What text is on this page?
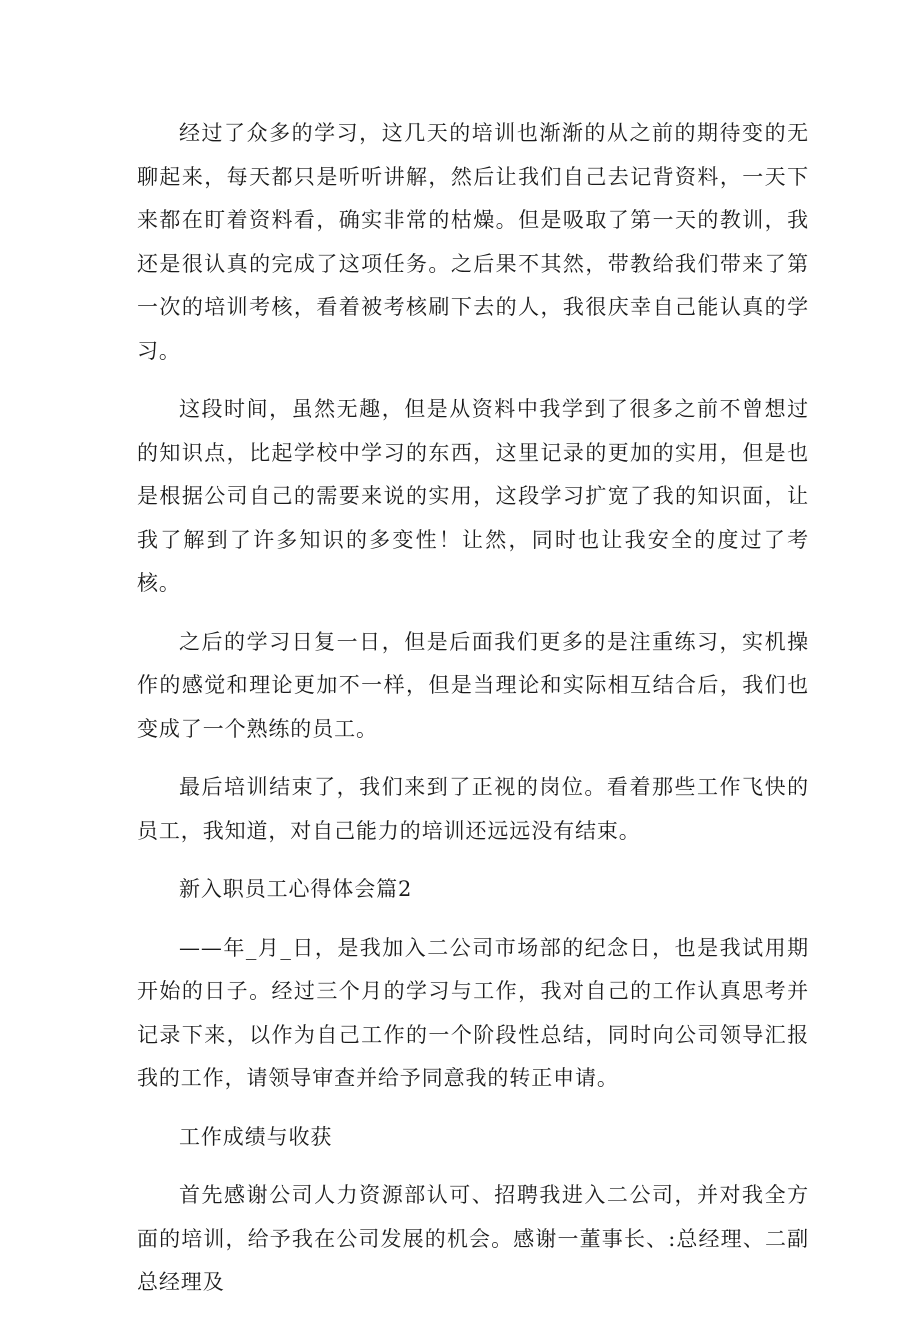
经过了众多的学习，这几天的培训也渐渐的从之前的期待变的无聊起来，每天都只是听听讲解，然后让我们自己去记背资料，一天下来都在盯着资料看，确实非常的枯燥。但是吸取了第一天的教训，我还是很认真的完成了这项任务。之后果不其然，带教给我们带来了第一次的培训考核，看着被考核刷下去的人，我很庆幸自己能认真的学习。

这段时间，虽然无趣，但是从资料中我学到了很多之前不曾想过的知识点，比起学校中学习的东西，这里记录的更加的实用，但是也是根据公司自己的需要来说的实用，这段学习扩宽了我的知识面，让我了解到了许多知识的多变性！让然，同时也让我安全的度过了考核。

之后的学习日复一日，但是后面我们更多的是注重练习，实机操作的感觉和理论更加不一样，但是当理论和实际相互结合后，我们也变成了一个熟练的员工。

最后培训结束了，我们来到了正视的岗位。看着那些工作飞快的员工，我知道，对自己能力的培训还远远没有结束。

新入职员工心得体会篇2

——年_月_日，是我加入二公司市场部的纪念日，也是我试用期开始的日子。经过三个月的学习与工作，我对自己的工作认真思考并记录下来，以作为自己工作的一个阶段性总结，同时向公司领导汇报我的工作，请领导审查并给予同意我的转正申请。

工作成绩与收获

首先感谢公司人力资源部认可、招聘我进入二公司，并对我全方面的培训，给予我在公司发展的机会。感谢一董事长、:总经理、二副总经理及
